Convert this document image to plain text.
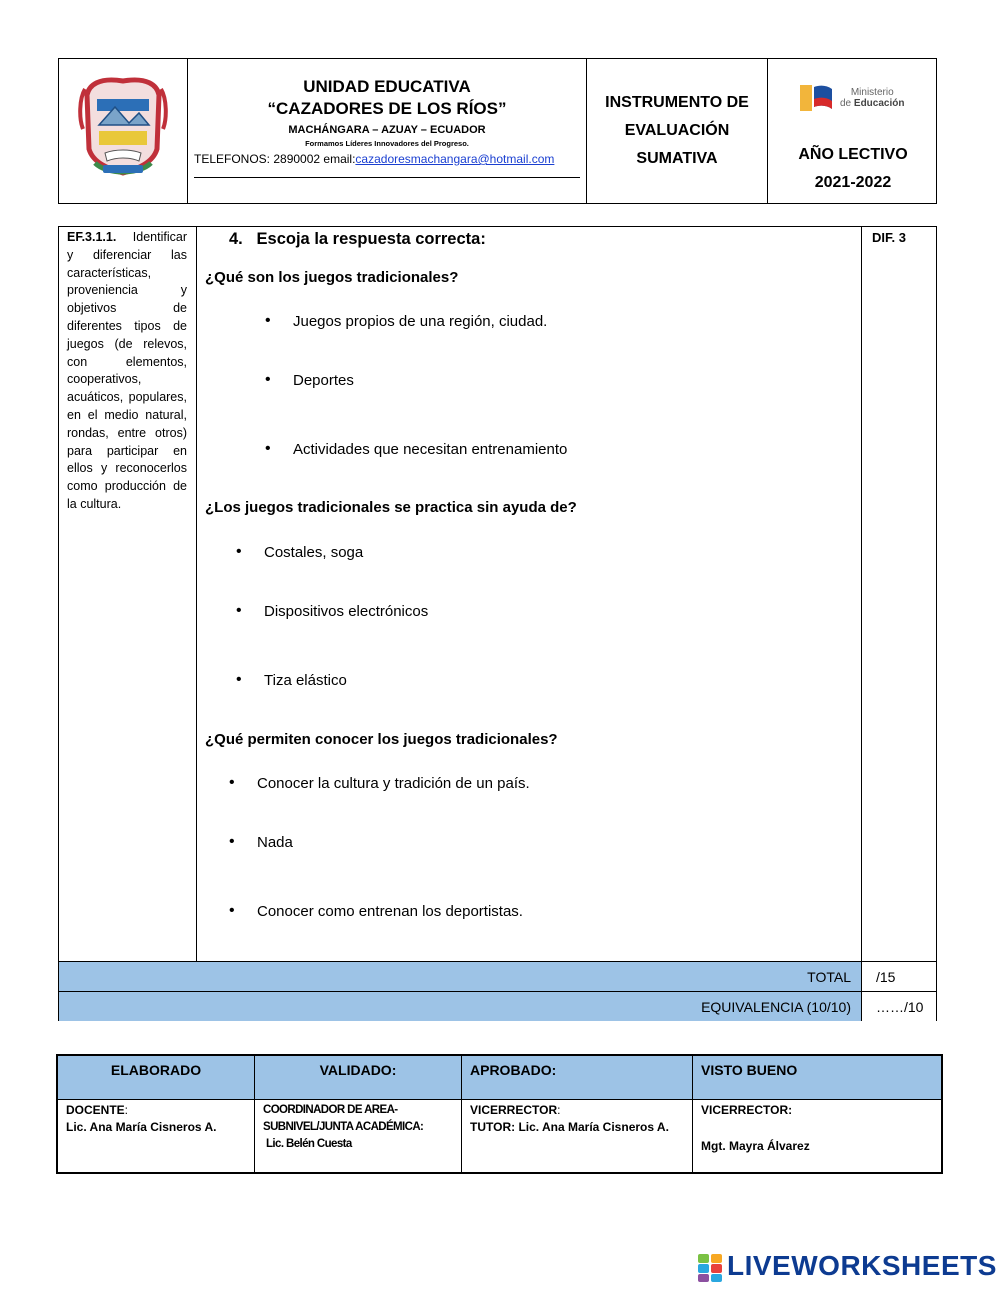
UNIDAD EDUCATIVA
“CAZADORES DE LOS RÍOS”
MACHÁNGARA – AZUAY – ECUADOR
Formamos Líderes Innovadores del Progreso.
TELEFONOS: 2890002 email:cazadoresmachangara@hotmail.com
INSTRUMENTO DE
EVALUACIÓN
SUMATIVA
Ministerio
de Educación
AÑO LECTIVO
2021-2022
EF.3.1.1. Identificar y diferenciar las características, proveniencia y objetivos de diferentes tipos de juegos (de relevos, con elementos, cooperativos, acuáticos, populares, en el medio natural, rondas, entre otros) para participar en ellos y reconocerlos como producción de la cultura.
DIF. 3
4. Escoja la respuesta correcta:
¿Qué son los juegos tradicionales?
• Juegos propios de una región, ciudad.
• Deportes
• Actividades que necesitan entrenamiento
¿Los juegos tradicionales se practica sin ayuda de?
• Costales, soga
• Dispositivos electrónicos
• Tiza elástico
¿Qué permiten conocer los juegos tradicionales?
• Conocer la cultura y tradición de un país.
• Nada
• Conocer como entrenan los deportistas.
TOTAL	/15
EQUIVALENCIA (10/10)	……/10
ELABORADO
DOCENTE:
Lic. Ana María Cisneros A.
VALIDADO:
COORDINADOR DE AREA-SUBNIVEL/JUNTA ACADÉMICA:
Lic. Belén Cuesta
APROBADO:
VICERRECTOR:
TUTOR: Lic. Ana María Cisneros A.
VISTO BUENO
VICERRECTOR:
Mgt. Mayra Álvarez
LIVEWORKSHEETS
